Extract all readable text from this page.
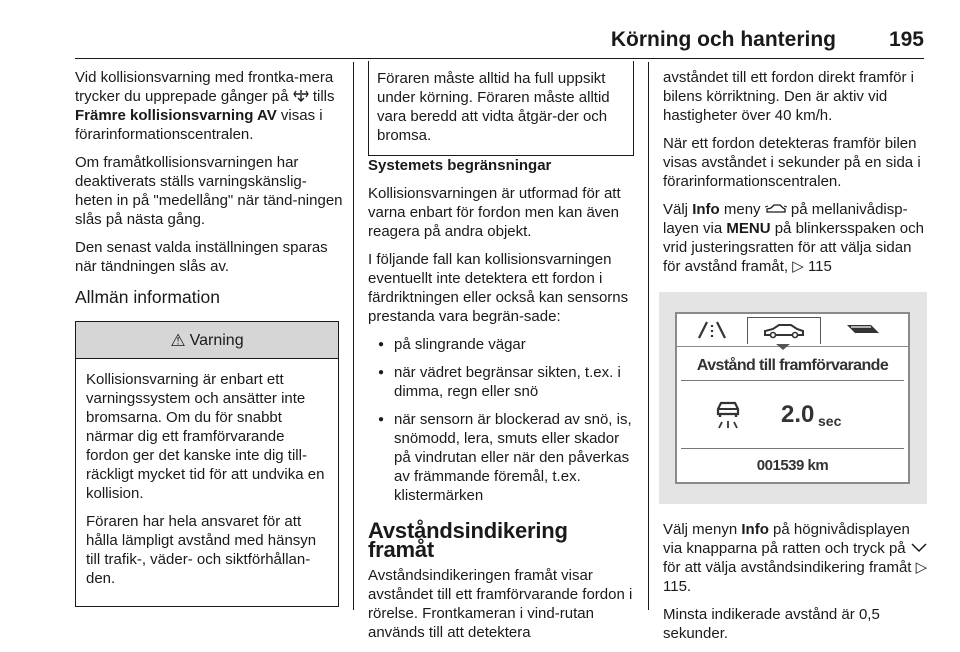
Körning och hantering	195

Vid kollisionsvarning med frontka-mera trycker du upprepade gånger på  tills Främre kollisionsvarning AV visas i förarinformationscentralen.

Om framåtkollisionsvarningen har deaktiverats ställs varningskänslig-heten in på "medellång" när tänd-ningen slås på nästa gång.

Den senast valda inställningen sparas när tändningen slås av.

Allmän information
⚠ Varning

Kollisionsvarning är enbart ett varningssystem och ansätter inte bromsarna. Om du för snabbt närmar dig ett framförvarande fordon ger det kanske inte dig till-räckligt mycket tid för att undvika en kollision.

Föraren har hela ansvaret för att hålla lämpligt avstånd med hänsyn till trafik-, väder- och siktförhållan-den.

Föraren måste alltid ha full uppsikt under körning. Föraren måste alltid vara beredd att vidta åtgär-der och bromsa.

Systemets begränsningar

Kollisionsvarningen är utformad för att varna enbart för fordon men kan även reagera på andra objekt.

I följande fall kan kollisionsvarningen eventuellt inte detektera ett fordon i färdriktningen eller också kan sensorns prestanda vara begrän-sade:

● på slingrande vägar
● när vädret begränsar sikten, t.ex. i dimma, regn eller snö
● när sensorn är blockerad av snö, is, snömodd, lera, smuts eller skador på vindrutan eller när den påverkas av främmande föremål, t.ex. klistermärken
Avståndsindikering framåt

Avståndsindikeringen framåt visar avståndet till ett framförvarande fordon i rörelse. Frontkameran i vind-rutan används till att detektera

avståndet till ett fordon direkt framför i bilens körriktning. Den är aktiv vid hastigheter över 40 km/h.

När ett fordon detekteras framför bilen visas avståndet i sekunder på en sida i förarinformationscentralen.

Välj Info meny  på mellanivådisp-layen via MENU på blinkersspaken och vrid justeringsratten för att välja sidan för avstånd framåt, ▷ 115

Avstånd till framförvarande
2.0 sec
001539 km

Välj menyn Info på högnivådisplayen via knapparna på ratten och tryck på  för att välja avståndsindikering framåt ▷ 115.

Minsta indikerade avstånd är 0,5 sekunder.
